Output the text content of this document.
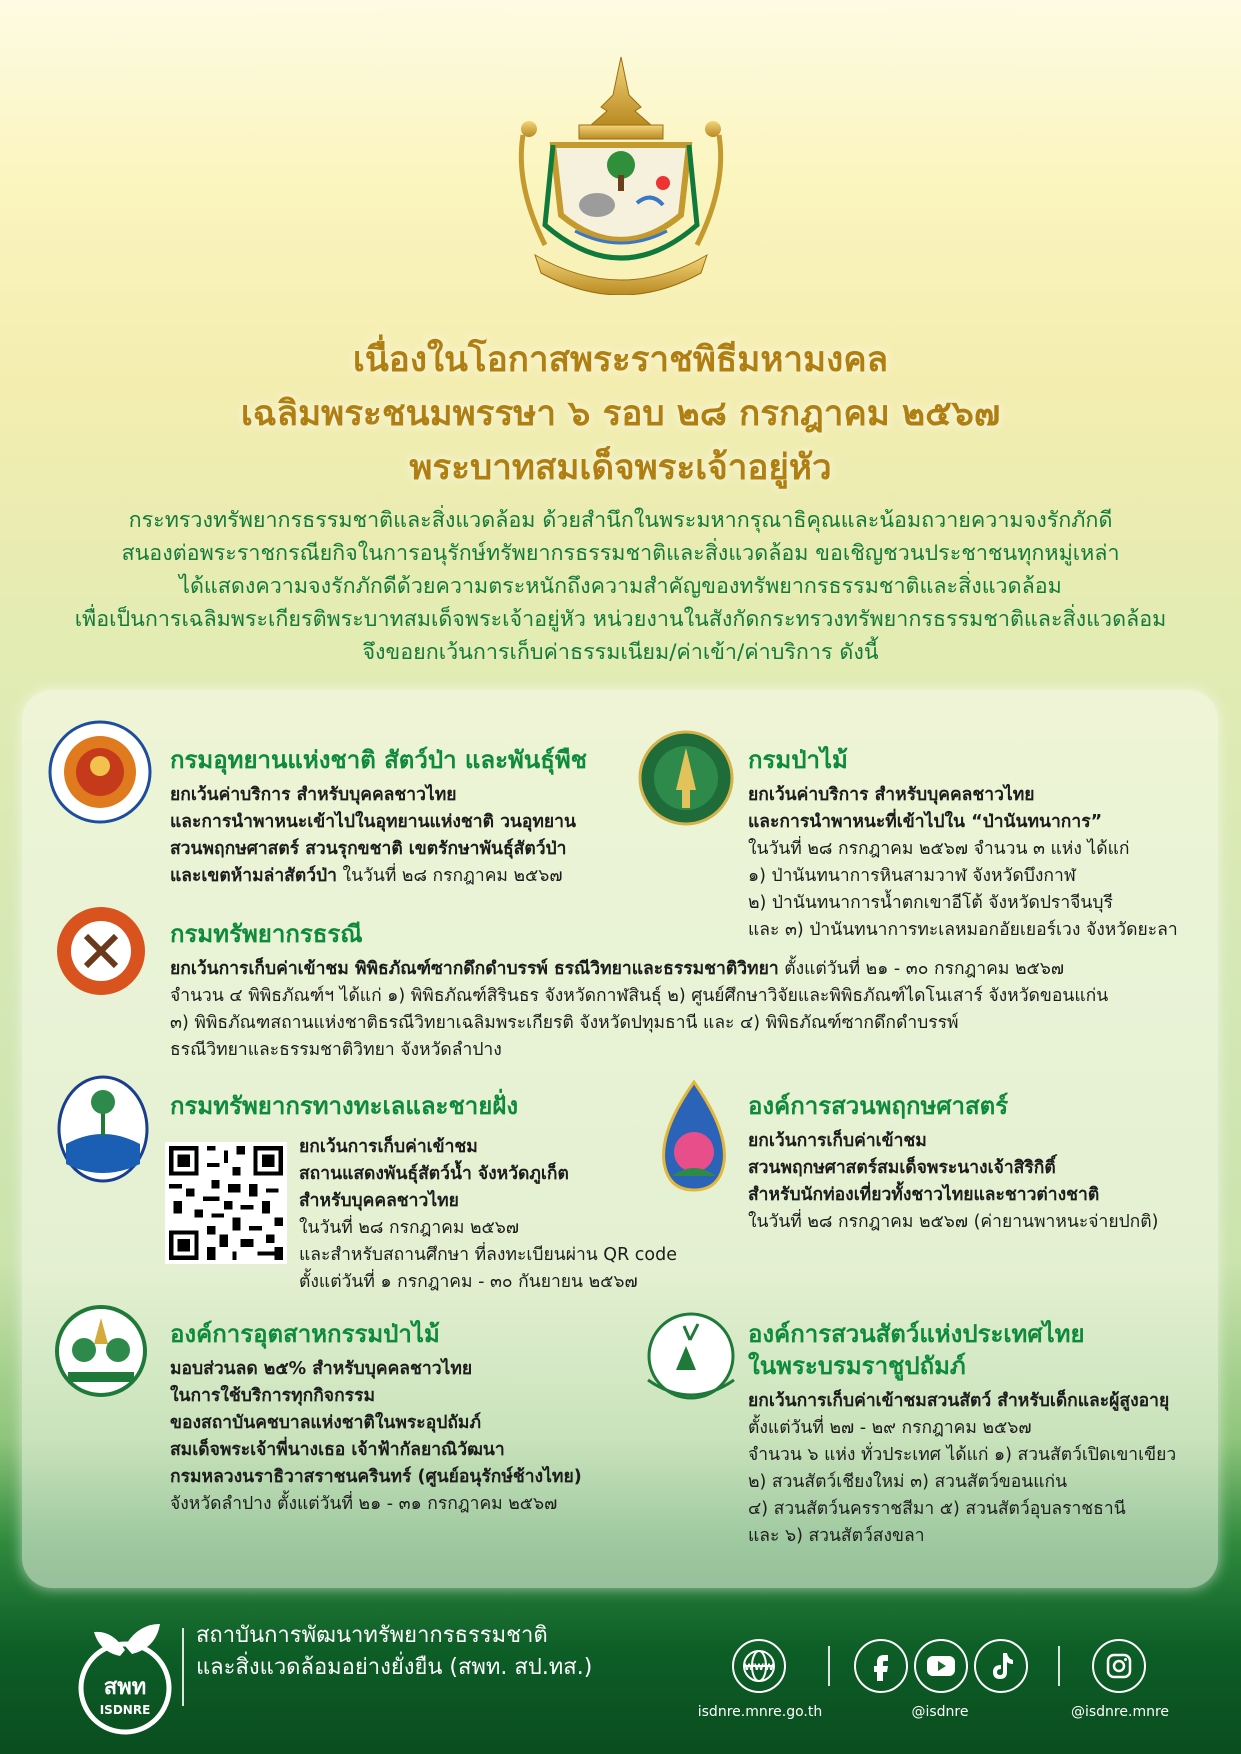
เนื่องในโอกาสพระราชพิธีมหามงคล
เฉลิมพระชนมพรรษา ๖ รอบ ๒๘ กรกฎาคม ๒๕๖๗
พระบาทสมเด็จพระเจ้าอยู่หัว
กระทรวงทรัพยากรธรรมชาติและสิ่งแวดล้อม ด้วยสำนึกในพระมหากรุณาธิคุณและน้อมถวายความจงรักภักดี
สนองต่อพระราชกรณียกิจในการอนุรักษ์ทรัพยากรธรรมชาติและสิ่งแวดล้อม ขอเชิญชวนประชาชนทุกหมู่เหล่า
ได้แสดงความจงรักภักดีด้วยความตระหนักถึงความสำคัญของทรัพยากรธรรมชาติและสิ่งแวดล้อม
เพื่อเป็นการเฉลิมพระเกียรติพระบาทสมเด็จพระเจ้าอยู่หัว หน่วยงานในสังกัดกระทรวงทรัพยากรธรรมชาติและสิ่งแวดล้อม
จึงขอยกเว้นการเก็บค่าธรรมเนียม/ค่าเข้า/ค่าบริการ ดังนี้
กรมอุทยานแห่งชาติ สัตว์ป่า และพันธุ์พืช
ยกเว้นค่าบริการ สำหรับบุคคลชาวไทย
และการนำพาหนะเข้าไปในอุทยานแห่งชาติ วนอุทยาน
สวนพฤกษศาสตร์ สวนรุกขชาติ เขตรักษาพันธุ์สัตว์ป่า
และเขตห้ามล่าสัตว์ป่า ในวันที่ ๒๘ กรกฎาคม ๒๕๖๗
กรมป่าไม้
ยกเว้นค่าบริการ สำหรับบุคคลชาวไทย
และการนำพาหนะที่เข้าไปใน “ป่านันทนาการ”
ในวันที่ ๒๘ กรกฎาคม ๒๕๖๗ จำนวน ๓ แห่ง ได้แก่
๑) ป่านันทนาการหินสามวาฬ จังหวัดบึงกาฬ
๒) ป่านันทนาการน้ำตกเขาอีโต้ จังหวัดปราจีนบุรี
และ ๓) ป่านันทนาการทะเลหมอกอัยเยอร์เวง จังหวัดยะลา
กรมทรัพยากรธรณี
ยกเว้นการเก็บค่าเข้าชม พิพิธภัณฑ์ซากดึกดำบรรพ์ ธรณีวิทยาและธรรมชาติวิทยา ตั้งแต่วันที่ ๒๑ - ๓๐ กรกฎาคม ๒๕๖๗
จำนวน ๔ พิพิธภัณฑ์ฯ ได้แก่ ๑) พิพิธภัณฑ์สิรินธร จังหวัดกาฬสินธุ์ ๒) ศูนย์ศึกษาวิจัยและพิพิธภัณฑ์ไดโนเสาร์ จังหวัดขอนแก่น
๓) พิพิธภัณฑสถานแห่งชาติธรณีวิทยาเฉลิมพระเกียรติ จังหวัดปทุมธานี และ ๔) พิพิธภัณฑ์ซากดึกดำบรรพ์
ธรณีวิทยาและธรรมชาติวิทยา จังหวัดลำปาง
กรมทรัพยากรทางทะเลและชายฝั่ง
ยกเว้นการเก็บค่าเข้าชม
สถานแสดงพันธุ์สัตว์น้ำ จังหวัดภูเก็ต
สำหรับบุคคลชาวไทย
ในวันที่ ๒๘ กรกฎาคม ๒๕๖๗
และสำหรับสถานศึกษา ที่ลงทะเบียนผ่าน QR code
ตั้งแต่วันที่ ๑ กรกฎาคม - ๓๐ กันยายน ๒๕๖๗
องค์การสวนพฤกษศาสตร์
ยกเว้นการเก็บค่าเข้าชม
สวนพฤกษศาสตร์สมเด็จพระนางเจ้าสิริกิติ์
สำหรับนักท่องเที่ยวทั้งชาวไทยและชาวต่างชาติ
ในวันที่ ๒๘ กรกฎาคม ๒๕๖๗ (ค่ายานพาหนะจ่ายปกติ)
องค์การอุตสาหกรรมป่าไม้
มอบส่วนลด ๒๕% สำหรับบุคคลชาวไทย
ในการใช้บริการทุกกิจกรรม
ของสถาบันคชบาลแห่งชาติในพระอุปถัมภ์
สมเด็จพระเจ้าพี่นางเธอ เจ้าฟ้ากัลยาณิวัฒนา
กรมหลวงนราธิวาสราชนครินทร์ (ศูนย์อนุรักษ์ช้างไทย)
จังหวัดลำปาง ตั้งแต่วันที่ ๒๑ - ๓๑ กรกฎาคม ๒๕๖๗
องค์การสวนสัตว์แห่งประเทศไทย
ในพระบรมราชูปถัมภ์
ยกเว้นการเก็บค่าเข้าชมสวนสัตว์ สำหรับเด็กและผู้สูงอายุ
ตั้งแต่วันที่ ๒๗ - ๒๙ กรกฎาคม ๒๕๖๗
จำนวน ๖ แห่ง ทั่วประเทศ ได้แก่ ๑) สวนสัตว์เปิดเขาเขียว
๒) สวนสัตว์เชียงใหม่ ๓) สวนสัตว์ขอนแก่น
๔) สวนสัตว์นครราชสีมา ๕) สวนสัตว์อุบลราชธานี
และ ๖) สวนสัตว์สงขลา
สพท
ISDNRE
สถาบันการพัฒนาทรัพยากรธรรมชาติ
และสิ่งแวดล้อมอย่างยั่งยืน (สพท. สป.ทส.)	WWW
isdnre.mnre.go.th	@isdnre	@isdnre.mnre
